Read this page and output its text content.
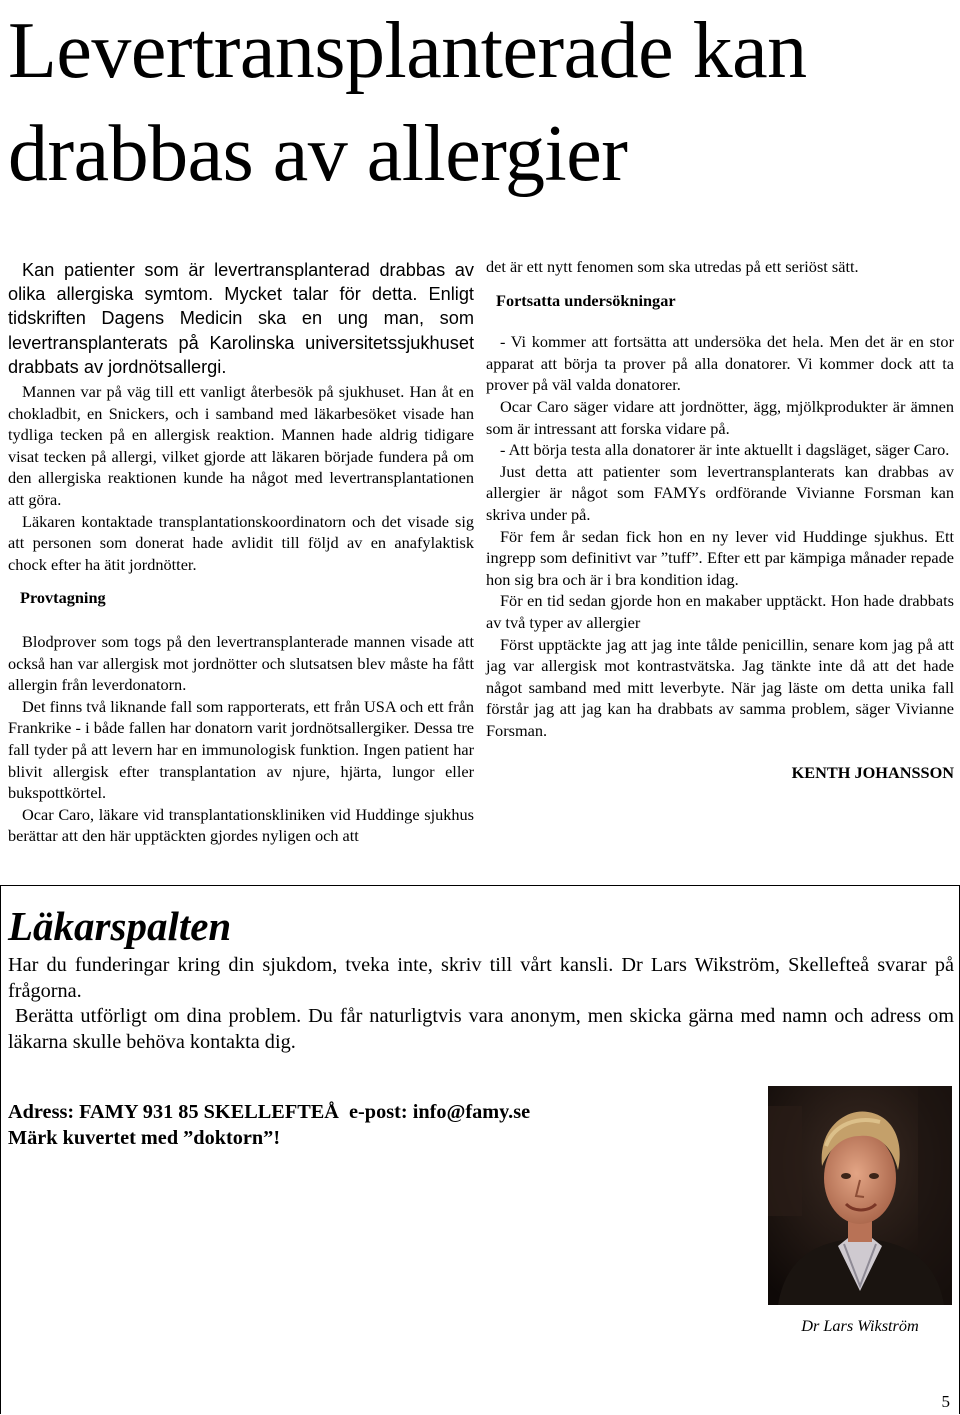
Levertransplanterade kan drabbas av allergier

Kan patienter som är levertransplanterad drabbas av olika allergiska symtom. Mycket talar för detta. Enligt tidskriften Dagens Medicin ska en ung man, som levertransplanterats på Karolinska universitetssjukhuset drabbats av jordnötsallergi.

Mannen var på väg till ett vanligt återbesök på sjukhuset. Han åt en chokladbit, en Snickers, och i samband med läkarbesöket visade han tydliga tecken på en allergisk reaktion. Mannen hade aldrig tidigare visat tecken på allergi, vilket gjorde att läkaren började fundera på om den allergiska reaktionen kunde ha något med levertransplantationen att göra.

Läkaren kontaktade transplantationskoordinatorn och det visade sig att personen som donerat hade avlidit till följd av en anafylaktisk chock efter ha ätit jordnötter.

Provtagning

Blodprover som togs på den levertransplanterade mannen visade att också han var allergisk mot jordnötter och slutsatsen blev måste ha fått allergin från leverdonatorn.

Det finns två liknande fall som rapporterats, ett från USA och ett från Frankrike - i både fallen har donatorn varit jordnötsallergiker. Dessa tre fall tyder på att levern har en immunologisk funktion. Ingen patient har blivit allergisk efter transplantation av njure, hjärta, lungor eller bukspottkörtel.

Ocar Caro, läkare vid transplantationskliniken vid Huddinge sjukhus berättar att den här upptäckten gjordes nyligen och att

det är ett nytt fenomen som ska utredas på ett seriöst sätt.

Fortsatta undersökningar

- Vi kommer att fortsätta att undersöka det hela. Men det är en stor apparat att börja ta prover på alla donatorer. Vi kommer dock att ta prover på väl valda donatorer.

Ocar Caro säger vidare att jordnötter, ägg, mjölkprodukter är ämnen som är intressant att forska vidare på.

- Att börja testa alla donatorer är inte aktuellt i dagsläget, säger Caro.

Just detta att patienter som levertransplanterats kan drabbas av allergier är något som FAMYs ordförande Vivianne Forsman kan skriva under på.

För fem år sedan fick hon en ny lever vid Huddinge sjukhus. Ett ingrepp som definitivt var ”tuff”. Efter ett par kämpiga månader repade hon sig bra och är i bra kondition idag.

För en tid sedan gjorde hon en makaber upptäckt. Hon hade drabbats av två typer av allergier

Först upptäckte jag att jag inte tålde penicillin, senare kom jag på att jag var allergisk mot kontrastvätska. Jag tänkte inte då att det hade något samband med mitt leverbyte. När jag läste om detta unika fall förstår jag att jag kan ha drabbats av samma problem, säger Vivianne Forsman.

KENTH JOHANSSON

Läkarspalten

Har du funderingar kring din sjukdom, tveka inte, skriv till vårt kansli. Dr Lars Wikström, Skellefteå svarar på frågorna.

Berätta utförligt om dina problem. Du får naturligtvis vara anonym, men skicka gärna med namn och adress om läkarna skulle behöva kontakta dig.

Adress: FAMY 931 85 SKELLEFTEÅ  e-post: info@famy.se

Märk kuvertet med ”doktorn”!

Dr Lars Wikström

5
